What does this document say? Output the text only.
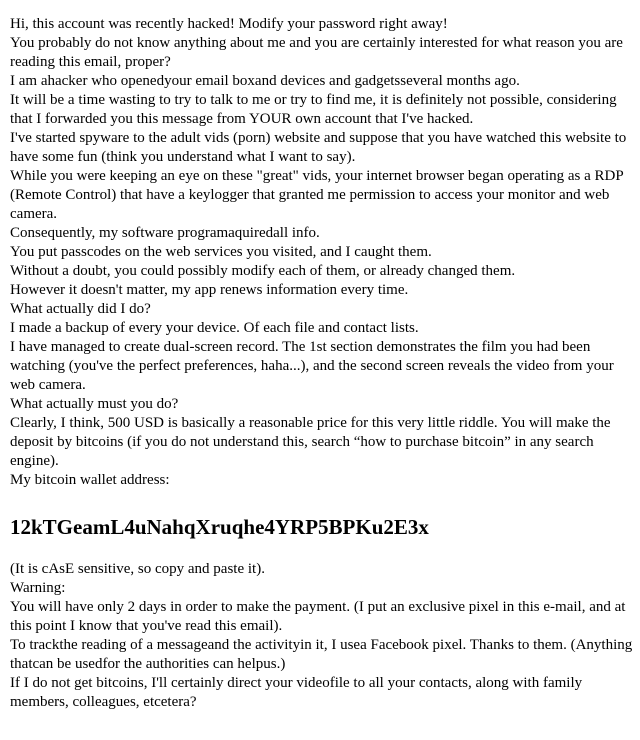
Hi, this account was recently hacked! Modify your password right away!

You probably do not know anything about me and you are certainly interested for what reason you are reading this email, proper?

I am ahacker who openedyour email boxand devices and gadgetsseveral months ago.

It will be a time wasting to try to talk to me or try to find me, it is definitely not possible, considering that I forwarded you this message from YOUR own account that I've hacked.

I've started spyware to the adult vids (porn) website and suppose that you have watched this website to have some fun (think you understand what I want to say).

While you were keeping an eye on these "great" vids, your internet browser began operating as a RDP (Remote Control) that have a keylogger that granted me permission to access your monitor and web camera.

Consequently, my software programaquiredall info.

You put passcodes on the web services you visited, and I caught them.

Without a doubt, you could possibly modify each of them, or already changed them.

However it doesn't matter, my app renews information every time.

What actually did I do?

I made a backup of every your device. Of each file and contact lists.

I have managed to create dual-screen record. The 1st section demonstrates the film you had been watching (you've the perfect preferences, haha...), and the second screen reveals the video from your web camera.

What actually must you do?

Clearly, I think, 500 USD is basically a reasonable price for this very little riddle. You will make the deposit by bitcoins (if you do not understand this, search “how to purchase bitcoin” in any search engine).

My bitcoin wallet address:

12kTGeamL4uNahqXruqhe4YRP5BPKu2E3x

(It is cAsE sensitive, so copy and paste it).

Warning:

You will have only 2 days in order to make the payment. (I put an exclusive pixel in this e-mail, and at this point I know that you've read this email).

To trackthe reading of a messageand the activityin it, I usea Facebook pixel. Thanks to them. (Anything thatcan be usedfor the authorities can helpus.)

If I do not get bitcoins, I'll certainly direct your videofile to all your contacts, along with family members, colleagues, etcetera?
